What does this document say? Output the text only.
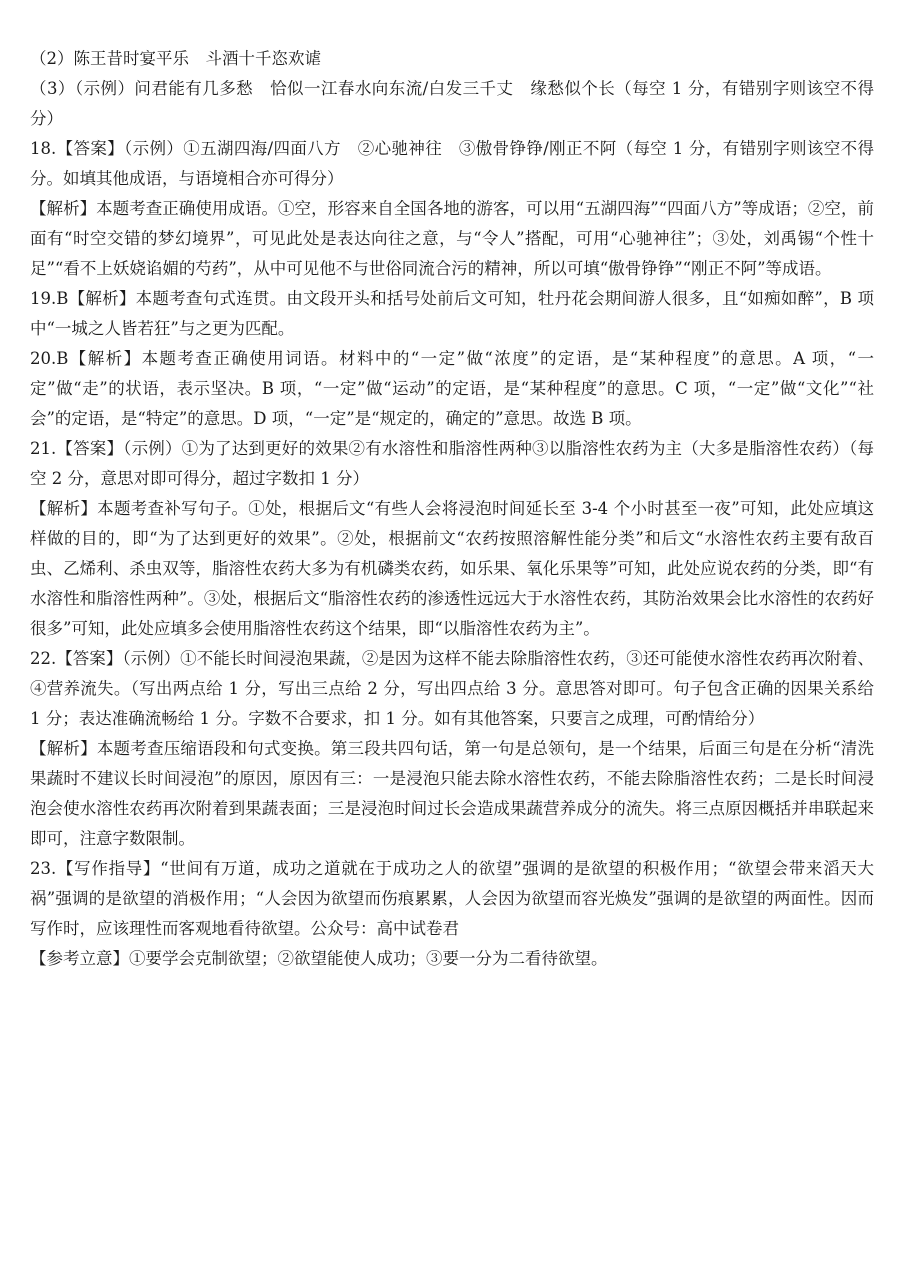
（2）陈王昔时宴平乐　斗酒十千恣欢谑

（3）（示例）问君能有几多愁　恰似一江春水向东流/白发三千丈　缘愁似个长（每空 1 分，有错别字则该空不得分）

18.【答案】（示例）①五湖四海/四面八方　②心驰神往　③傲骨铮铮/刚正不阿（每空 1 分，有错别字则该空不得分。如填其他成语，与语境相合亦可得分）

【解析】本题考查正确使用成语。①空，形容来自全国各地的游客，可以用“五湖四海”“四面八方”等成语；②空，前面有“时空交错的梦幻境界”，可见此处是表达向往之意，与“令人”搭配，可用“心驰神往”；③处，刘禹锡“个性十足”“看不上妖娆谄媚的芍药”，从中可见他不与世俗同流合污的精神，所以可填“傲骨铮铮”“刚正不阿”等成语。

19.B【解析】本题考查句式连贯。由文段开头和括号处前后文可知，牡丹花会期间游人很多，且“如痴如醉”，B 项中“一城之人皆若狂”与之更为匹配。

20.B【解析】本题考查正确使用词语。材料中的“一定”做“浓度”的定语，是“某种程度”的意思。A 项，“一定”做“走”的状语，表示坚决。B 项，“一定”做“运动”的定语，是“某种程度”的意思。C 项，“一定”做“文化”“社会”的定语，是“特定”的意思。D 项，“一定”是“规定的，确定的”意思。故选 B 项。

21.【答案】（示例）①为了达到更好的效果②有水溶性和脂溶性两种③以脂溶性农药为主（大多是脂溶性农药）（每空 2 分，意思对即可得分，超过字数扣 1 分）

【解析】本题考查补写句子。①处，根据后文“有些人会将浸泡时间延长至 3-4 个小时甚至一夜”可知，此处应填这样做的目的，即“为了达到更好的效果”。②处，根据前文“农药按照溶解性能分类”和后文“水溶性农药主要有敌百虫、乙烯利、杀虫双等，脂溶性农药大多为有机磷类农药，如乐果、氧化乐果等”可知，此处应说农药的分类，即“有水溶性和脂溶性两种”。③处，根据后文“脂溶性农药的渗透性远远大于水溶性农药，其防治效果会比水溶性的农药好很多”可知，此处应填多会使用脂溶性农药这个结果，即“以脂溶性农药为主”。

22.【答案】（示例）①不能长时间浸泡果蔬，②是因为这样不能去除脂溶性农药，③还可能使水溶性农药再次附着、④营养流失。（写出两点给 1 分，写出三点给 2 分，写出四点给 3 分。意思答对即可。句子包含正确的因果关系给 1 分；表达准确流畅给 1 分。字数不合要求，扣 1 分。如有其他答案，只要言之成理，可酌情给分）

【解析】本题考查压缩语段和句式变换。第三段共四句话，第一句是总领句，是一个结果，后面三句是在分析“清洗果蔬时不建议长时间浸泡”的原因，原因有三：一是浸泡只能去除水溶性农药，不能去除脂溶性农药；二是长时间浸泡会使水溶性农药再次附着到果蔬表面；三是浸泡时间过长会造成果蔬营养成分的流失。将三点原因概括并串联起来即可，注意字数限制。

23.【写作指导】“世间有万道，成功之道就在于成功之人的欲望”强调的是欲望的积极作用；“欲望会带来滔天大祸”强调的是欲望的消极作用；“人会因为欲望而伤痕累累，人会因为欲望而容光焕发”强调的是欲望的两面性。因而写作时，应该理性而客观地看待欲望。公众号：高中试卷君

【参考立意】①要学会克制欲望；②欲望能使人成功；③要一分为二看待欲望。
